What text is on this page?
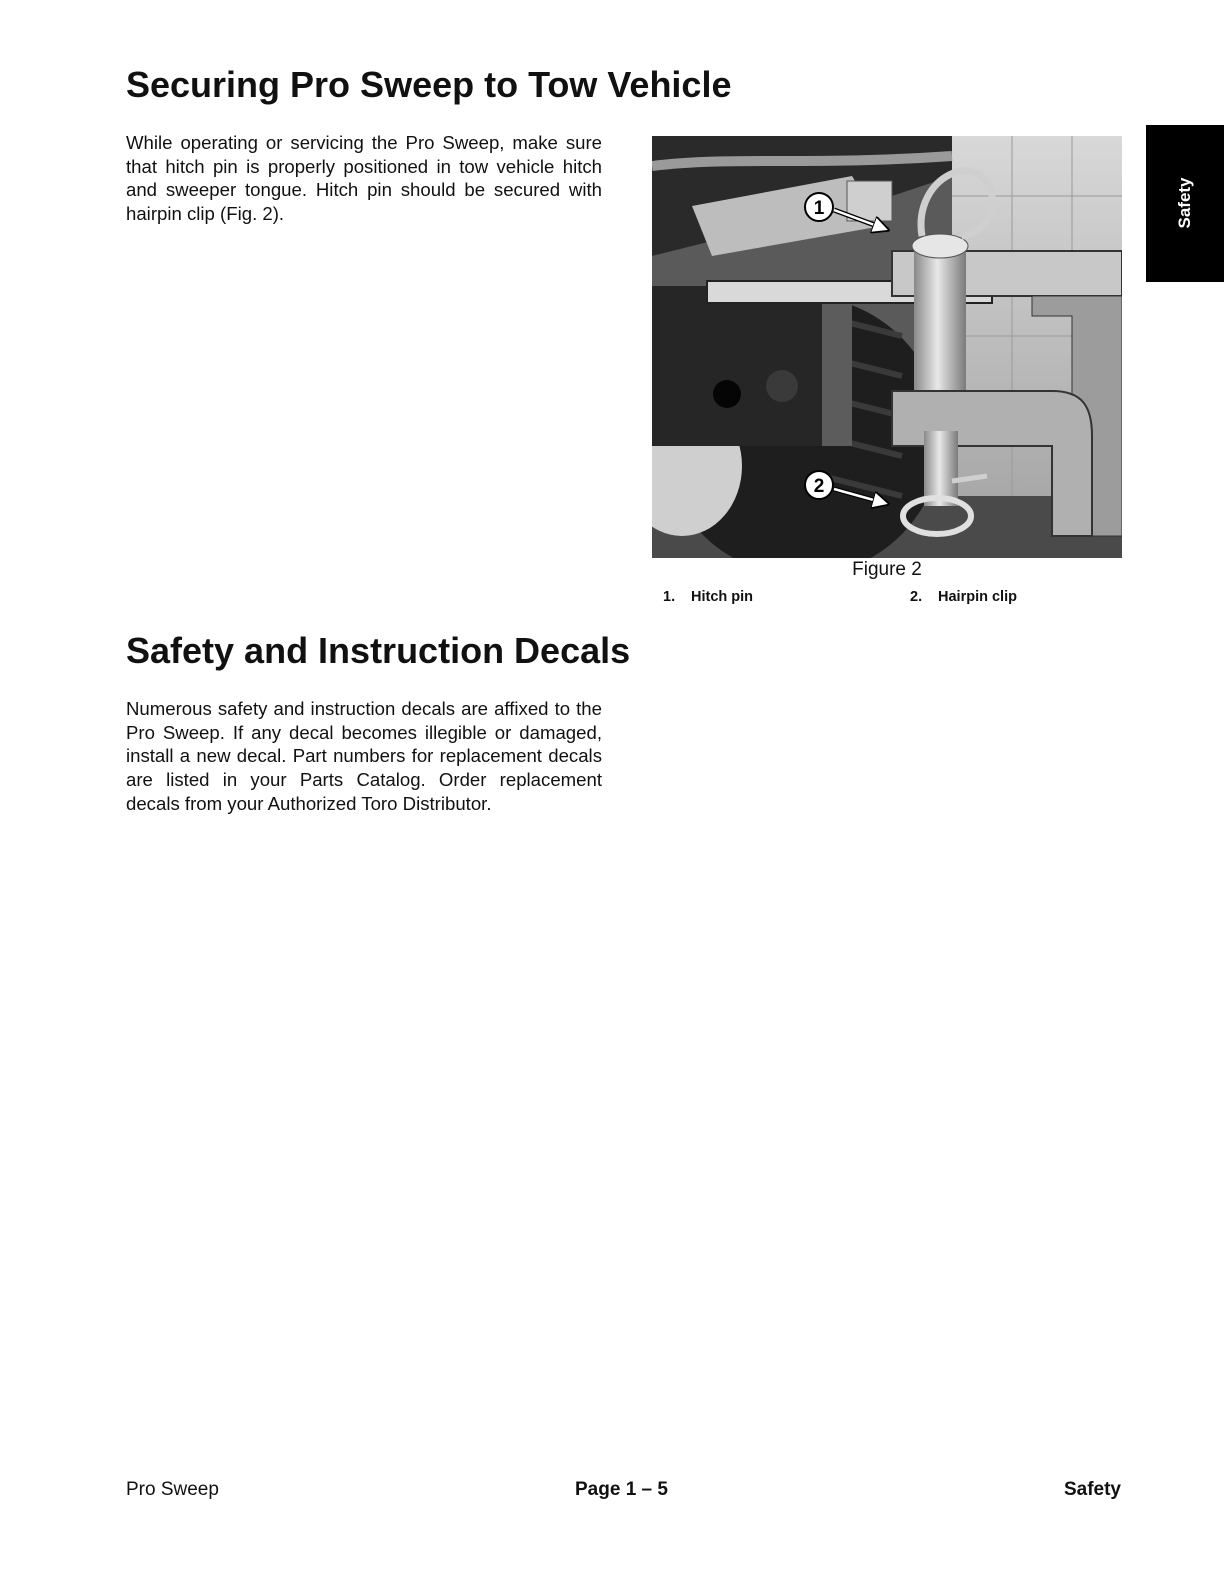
Securing Pro Sweep to Tow Vehicle

While operating or servicing the Pro Sweep, make sure that hitch pin is properly positioned in tow vehicle hitch and sweeper tongue. Hitch pin should be secured with hairpin clip (Fig. 2).	1
2
Figure 2
1. Hitch pin	2. Hairpin clip
Safety and Instruction Decals

Numerous safety and instruction decals are affixed to the Pro Sweep. If any decal becomes illegible or damaged, install a new decal. Part numbers for replacement decals are listed in your Parts Catalog. Order replacement decals from your Authorized Toro Distributor.

Safety
Pro Sweep	Page 1 – 5	Safety
